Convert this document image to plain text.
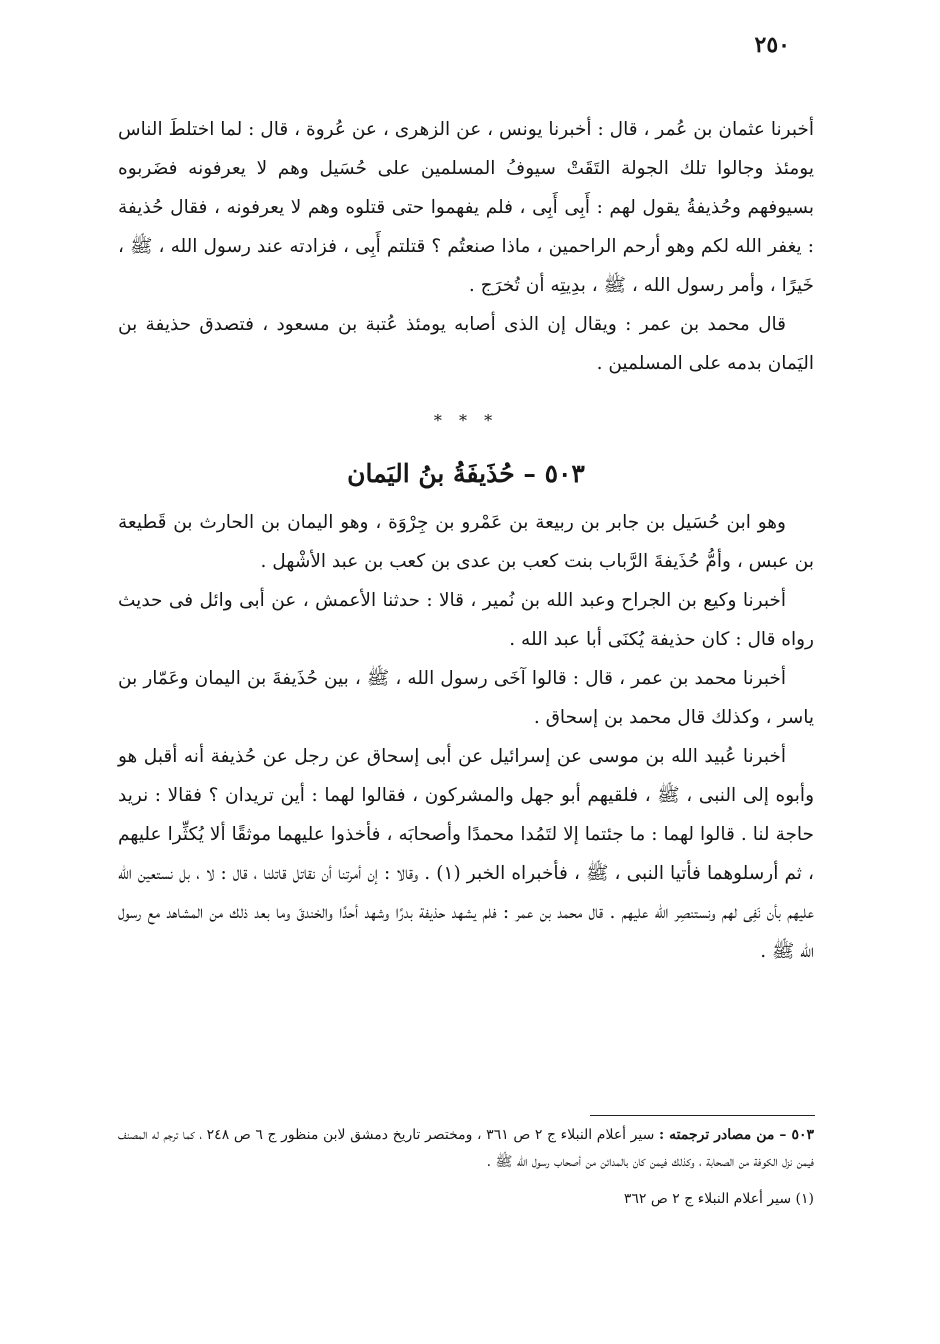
٢٥٠

أخبرنا عثمان بن عُمر ، قال : أخبرنا يونس ، عن الزهرى ، عن عُروة ، قال : لما اختلطَ الناس يومئذ وجالوا تلك الجولة التَقَتْ سيوفُ المسلمين على حُسَيل وهم لا يعرفونه فضَربوه بسيوفهم وحُذيفةُ يقول لهم : أَبِى أَبِى ، فلم يفهموا حتى قتلوه وهم لا يعرفونه ، فقال حُذيفة : يغفر الله لكم وهو أرحم الراحمين ، ماذا صنعتُم ؟ قتلتم أَبِى ، فزادته عند رسول الله ، ﷺ ، خَيرًا ، وأمر رسول الله ، ﷺ ، بدِيتِه أن تُخرَج .

قال محمد بن عمر : ويقال إن الذى أصابه يومئذ عُتبة بن مسعود ، فتصدق حذيفة بن اليَمان بدمه على المسلمين .

* * *
٥٠٣ – حُذَيفَةُ بنُ اليَمان

وهو ابن حُسَيل بن جابر بن ربيعة بن عَمْرو بن جِرْوَة ، وهو اليمان بن الحارث بن قَطيعة بن عبس ، وأمُّ حُذَيفةَ الرَّباب بنت كعب بن عدى بن كعب بن عبد الأشْهل .

أخبرنا وكيع بن الجراح وعبد الله بن نُمير ، قالا : حدثنا الأعمش ، عن أبى وائل فى حديث رواه قال : كان حذيفة يُكنَى أبا عبد الله .

أخبرنا محمد بن عمر ، قال : قالوا آخَى رسول الله ، ﷺ ، بين حُذَيفةَ بن اليمان وعَمّار بن ياسر ، وكذلك قال محمد بن إسحاق .

أخبرنا عُبيد الله بن موسى عن إسرائيل عن أبى إسحاق عن رجل عن حُذيفة أنه أقبل هو وأبوه إلى النبى ، ﷺ ، فلقيهم أبو جهل والمشركون ، فقالوا لهما : أين تريدان ؟ فقالا : نريد حاجة لنا . قالوا لهما : ما جئتما إلا لتَمُدا محمدًا وأصحابَه ، فأخذوا عليهما موثقًا ألا يُكثِّرا عليهم ، ثم أرسلوهما فأتيا النبى ، ﷺ ، فأخبراه الخبر (١) . وقالا : إن أمرتنا أن نقاتل قاتلنا ، قال : لا ، بل نستعين الله عليهم بأن نَفِى لهم ونستنصِر الله عليهم . قال محمد بن عمر : فلم يشهد حذيفة بدرًا وشهد أحدًا والخندقَ وما بعد ذلك من المشاهد مع رسول الله ﷺ .

٥٠٣ – من مصادر ترجمته : سير أعلام النبلاء ج ٢ ص ٣٦١ ، ومختصر تاريخ دمشق لابن منظور ج ٦ ص ٢٤٨ ، كما ترجم له المصنف فيمن نزل الكوفة من الصحابة ، وكذلك فيمن كان بالمدائن من أصحاب رسول الله ﷺ .

(١) سير أعلام النبلاء ج ٢ ص ٣٦٢
